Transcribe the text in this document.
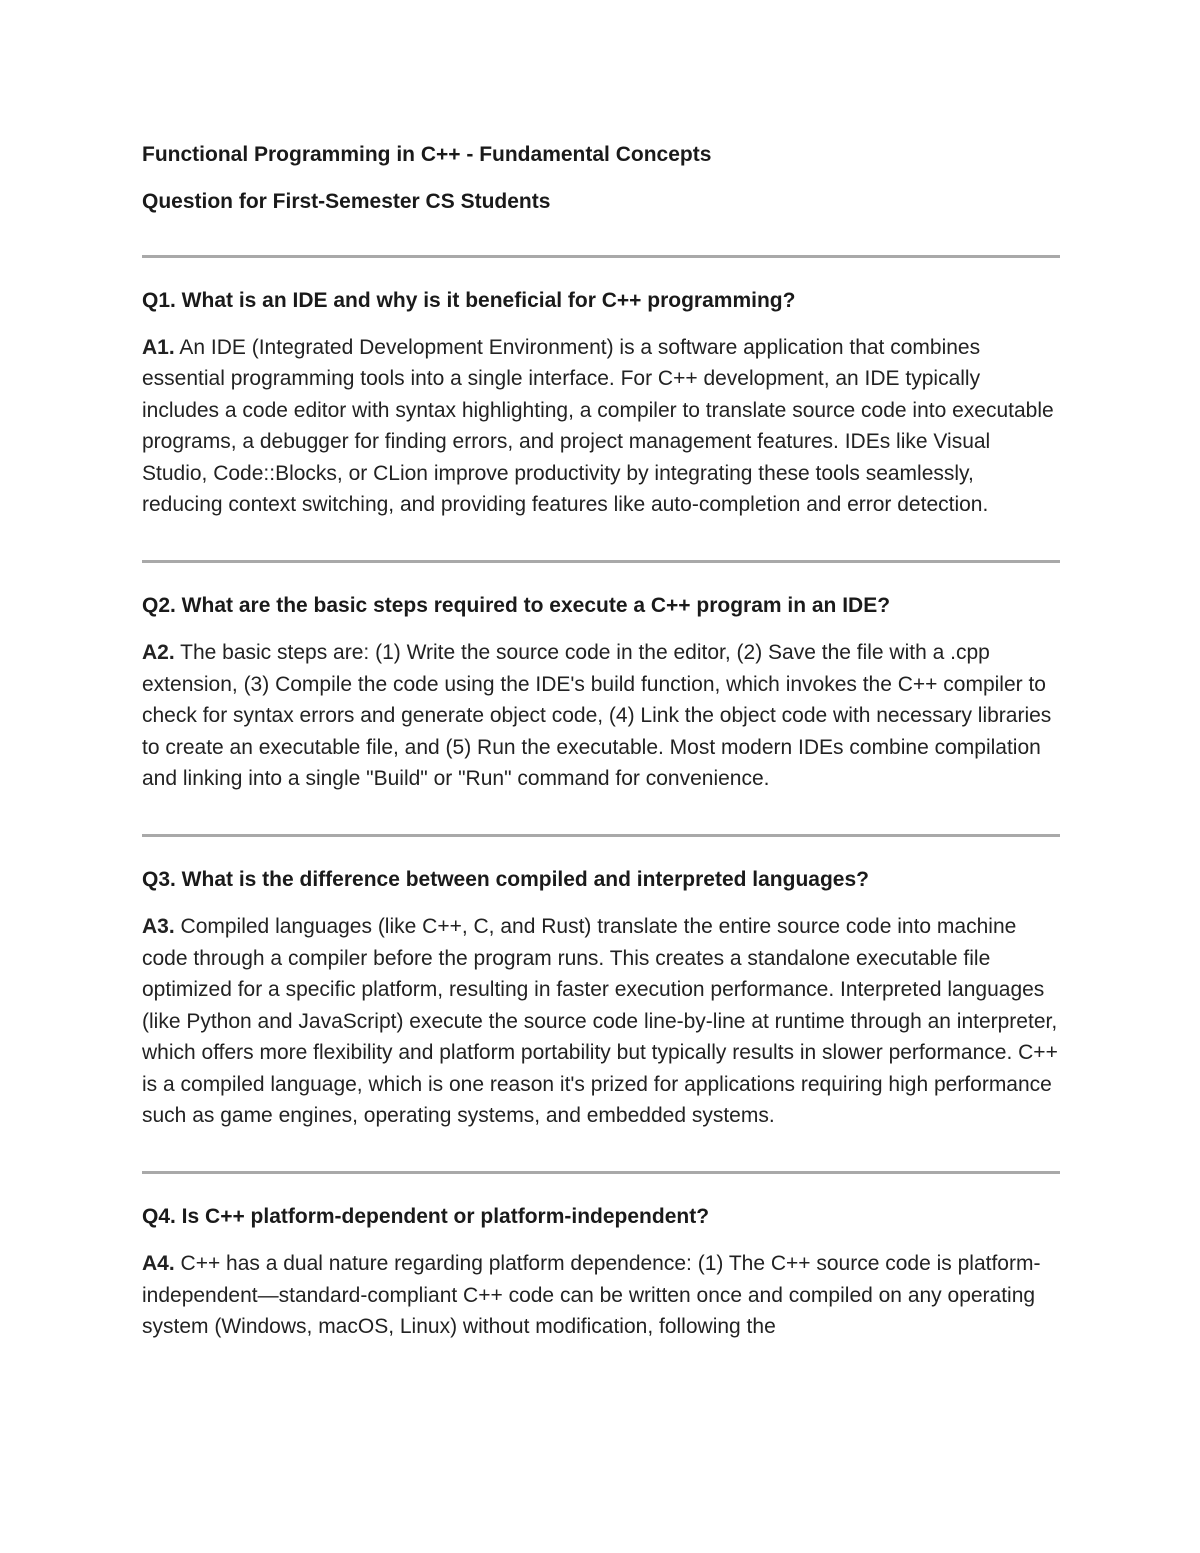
Functional Programming in C++ - Fundamental Concepts

Question for First-Semester CS Students

Q1. What is an IDE and why is it beneficial for C++ programming?

A1. An IDE (Integrated Development Environment) is a software application that combines essential programming tools into a single interface. For C++ development, an IDE typically includes a code editor with syntax highlighting, a compiler to translate source code into executable programs, a debugger for finding errors, and project management features. IDEs like Visual Studio, Code::Blocks, or CLion improve productivity by integrating these tools seamlessly, reducing context switching, and providing features like auto-completion and error detection.

Q2. What are the basic steps required to execute a C++ program in an IDE?

A2. The basic steps are: (1) Write the source code in the editor, (2) Save the file with a .cpp extension, (3) Compile the code using the IDE's build function, which invokes the C++ compiler to check for syntax errors and generate object code, (4) Link the object code with necessary libraries to create an executable file, and (5) Run the executable. Most modern IDEs combine compilation and linking into a single "Build" or "Run" command for convenience.

Q3. What is the difference between compiled and interpreted languages?

A3. Compiled languages (like C++, C, and Rust) translate the entire source code into machine code through a compiler before the program runs. This creates a standalone executable file optimized for a specific platform, resulting in faster execution performance. Interpreted languages (like Python and JavaScript) execute the source code line-by-line at runtime through an interpreter, which offers more flexibility and platform portability but typically results in slower performance. C++ is a compiled language, which is one reason it's prized for applications requiring high performance such as game engines, operating systems, and embedded systems.

Q4. Is C++ platform-dependent or platform-independent?

A4. C++ has a dual nature regarding platform dependence: (1) The C++ source code is platform-independent—standard-compliant C++ code can be written once and compiled on any operating system (Windows, macOS, Linux) without modification, following the
